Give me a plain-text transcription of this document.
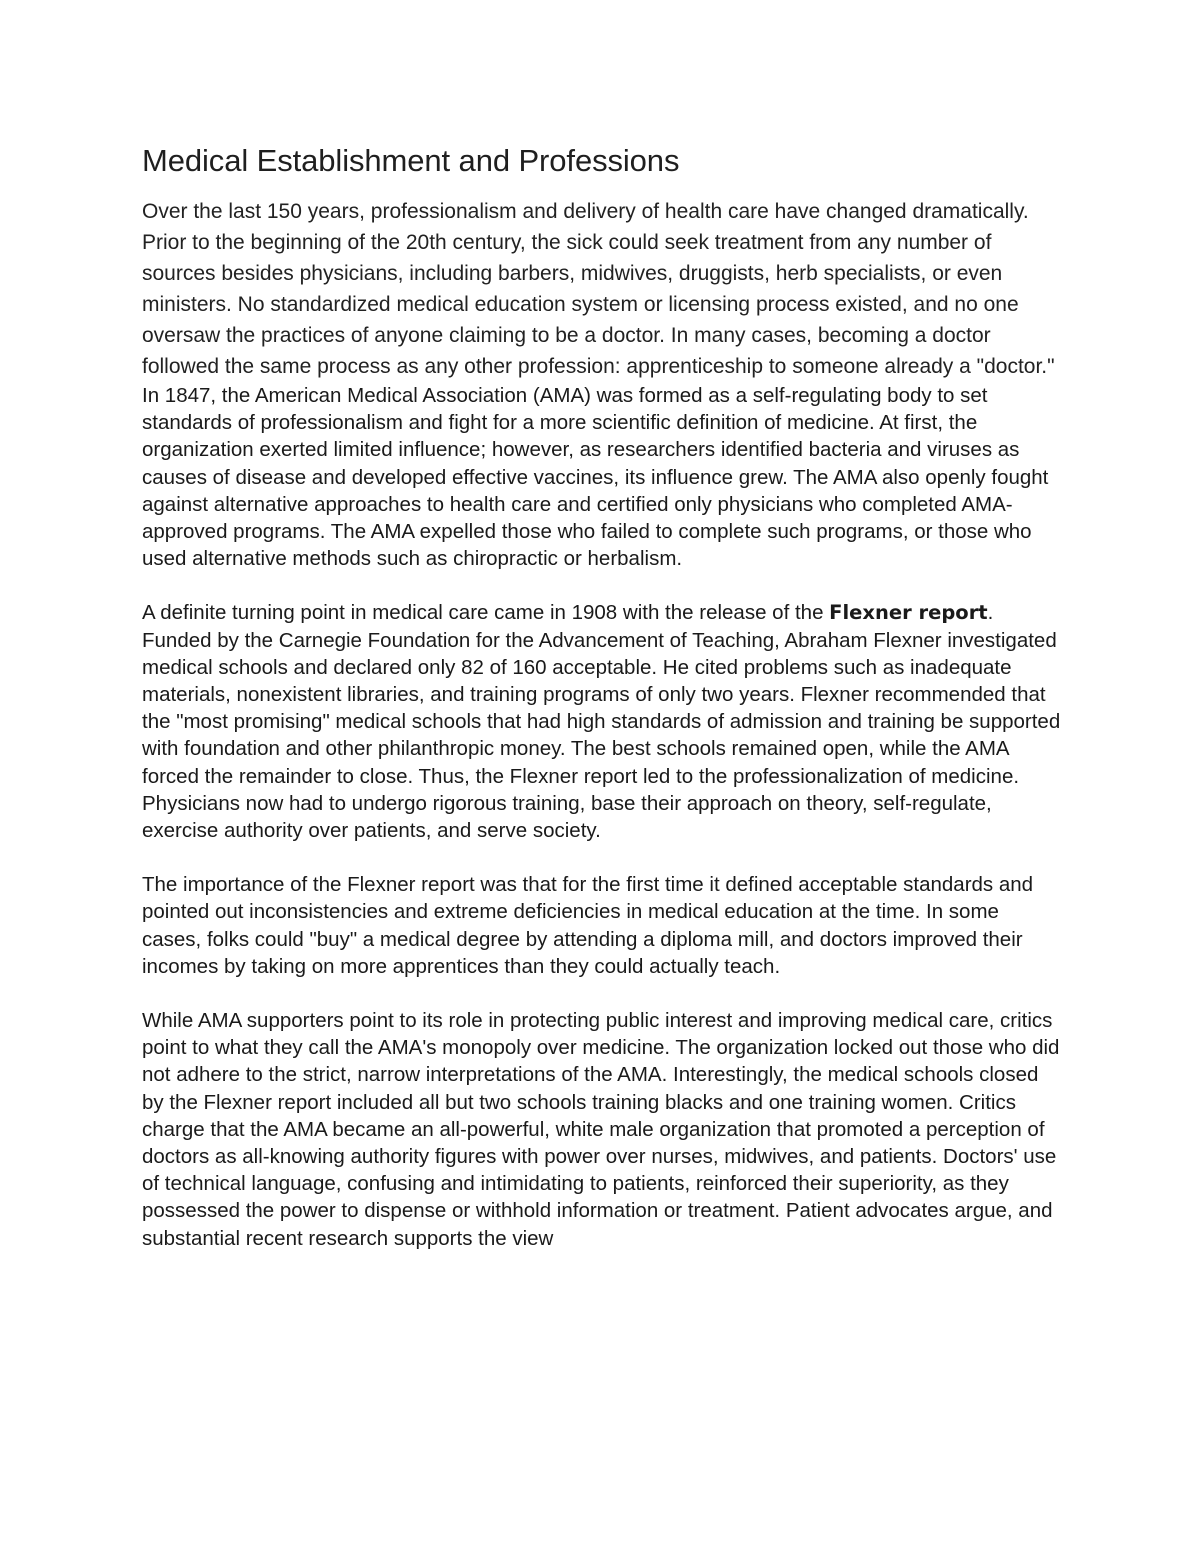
Medical Establishment and Professions

Over the last 150 years, professionalism and delivery of health care have changed dramatically. Prior to the beginning of the 20th century, the sick could seek treatment from any number of sources besides physicians, including barbers, midwives, druggists, herb specialists, or even ministers. No standardized medical education system or licensing process existed, and no one oversaw the practices of anyone claiming to be a doctor. In many cases, becoming a doctor followed the same process as any other profession: apprenticeship to someone already a "doctor."

In 1847, the American Medical Association (AMA) was formed as a self-regulating body to set standards of professionalism and fight for a more scientific definition of medicine. At first, the organization exerted limited influence; however, as researchers identified bacteria and viruses as causes of disease and developed effective vaccines, its influence grew. The AMA also openly fought against alternative approaches to health care and certified only physicians who completed AMA-approved programs. The AMA expelled those who failed to complete such programs, or those who used alternative methods such as chiropractic or herbalism.

A definite turning point in medical care came in 1908 with the release of the Flexner report. Funded by the Carnegie Foundation for the Advancement of Teaching, Abraham Flexner investigated medical schools and declared only 82 of 160 acceptable. He cited problems such as inadequate materials, nonexistent libraries, and training programs of only two years. Flexner recommended that the "most promising" medical schools that had high standards of admission and training be supported with foundation and other philanthropic money. The best schools remained open, while the AMA forced the remainder to close. Thus, the Flexner report led to the professionalization of medicine. Physicians now had to undergo rigorous training, base their approach on theory, self-regulate, exercise authority over patients, and serve society.

The importance of the Flexner report was that for the first time it defined acceptable standards and pointed out inconsistencies and extreme deficiencies in medical education at the time. In some cases, folks could "buy" a medical degree by attending a diploma mill, and doctors improved their incomes by taking on more apprentices than they could actually teach.

While AMA supporters point to its role in protecting public interest and improving medical care, critics point to what they call the AMA's monopoly over medicine. The organization locked out those who did not adhere to the strict, narrow interpretations of the AMA. Interestingly, the medical schools closed by the Flexner report included all but two schools training blacks and one training women. Critics charge that the AMA became an all-powerful, white male organization that promoted a perception of doctors as all-knowing authority figures with power over nurses, midwives, and patients. Doctors' use of technical language, confusing and intimidating to patients, reinforced their superiority, as they possessed the power to dispense or withhold information or treatment. Patient advocates argue, and substantial recent research supports the view
